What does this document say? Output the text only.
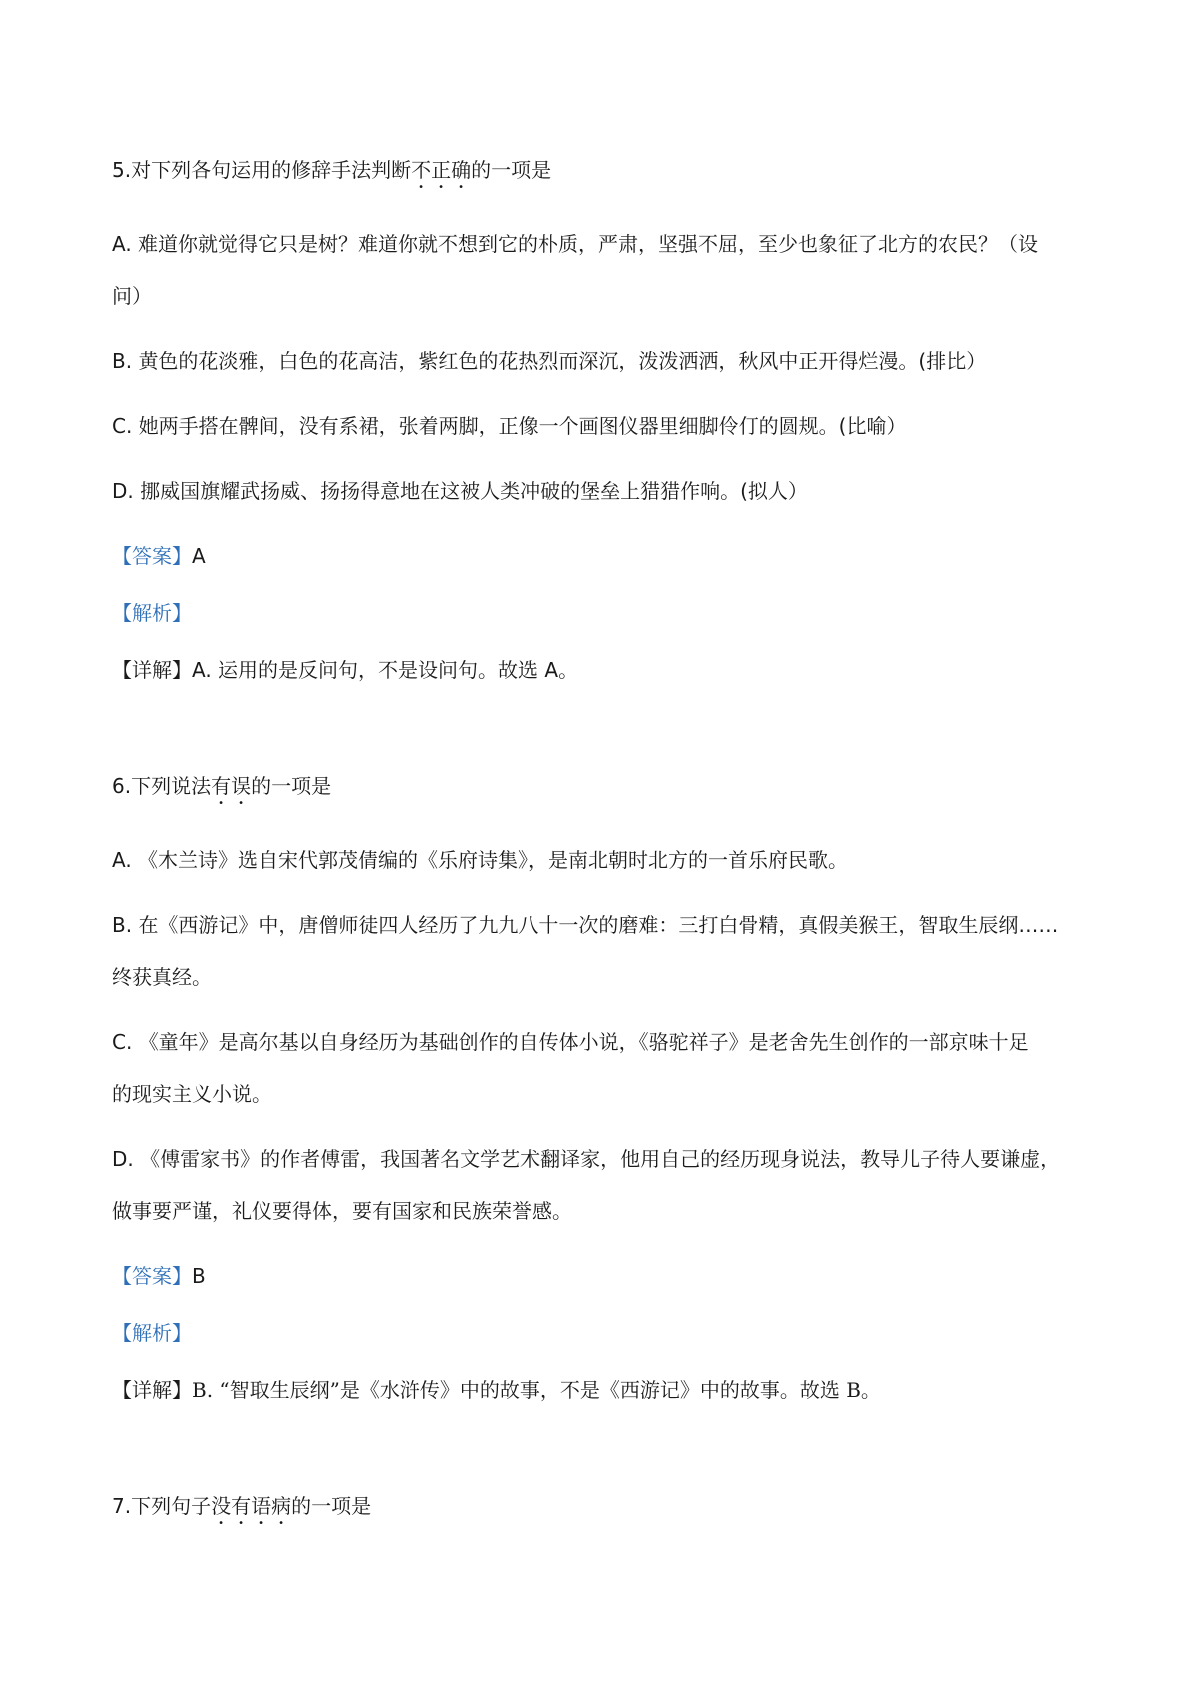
5.对下列各句运用的修辞手法判断不正确的一项是

A. 难道你就觉得它只是树？难道你就不想到它的朴质，严肃，坚强不屈，至少也象征了北方的农民？（设

问）

B. 黄色的花淡雅，白色的花高洁，紫红色的花热烈而深沉，泼泼洒洒，秋风中正开得烂漫。(排比）

C. 她两手搭在髀间，没有系裙，张着两脚，正像一个画图仪器里细脚伶仃的圆规。(比喻）

D. 挪威国旗耀武扬威、扬扬得意地在这被人类冲破的堡垒上猎猎作响。(拟人）

【答案】A

【解析】

【详解】A. 运用的是反问句，不是设问句。故选 A。

6.下列说法有误的一项是

A. 《木兰诗》选自宋代郭茂倩编的《乐府诗集》，是南北朝时北方的一首乐府民歌。

B. 在《西游记》中，唐僧师徒四人经历了九九八十一次的磨难：三打白骨精，真假美猴王，智取生辰纲……

终获真经。

C. 《童年》是高尔基以自身经历为基础创作的自传体小说，《骆驼祥子》是老舍先生创作的一部京味十足

的现实主义小说。

D. 《傅雷家书》的作者傅雷，我国著名文学艺术翻译家，他用自己的经历现身说法，教导儿子待人要谦虚，

做事要严谨，礼仪要得体，要有国家和民族荣誉感。

【答案】B

【解析】

【详解】B. “智取生辰纲”是《水浒传》中的故事，不是《西游记》中的故事。故选 B。

7.下列句子没有语病的一项是
